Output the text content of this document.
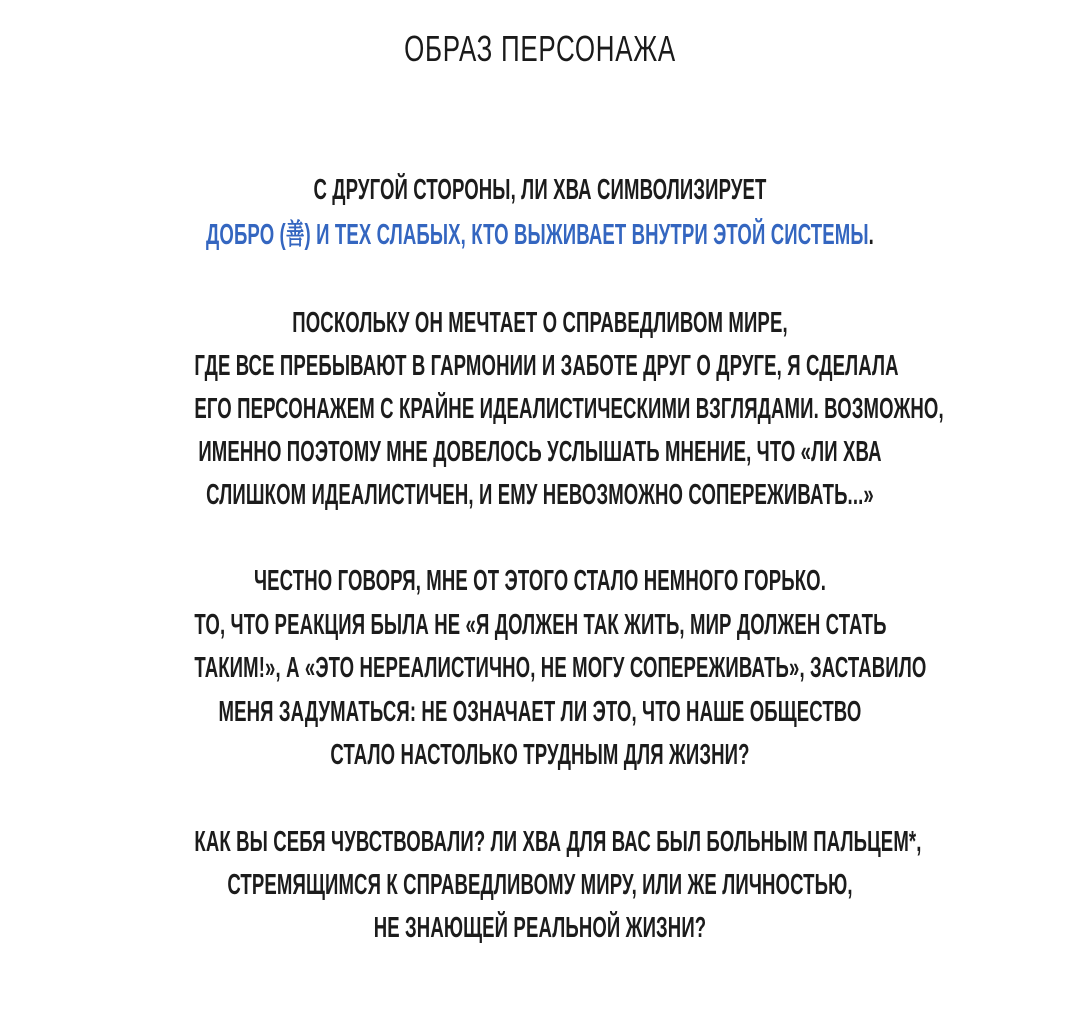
ОБРАЗ ПЕРСОНАЖА
С ДРУГОЙ СТОРОНЫ, ЛИ ХВА СИМВОЛИЗИРУЕТ
ДОБРО (善) И ТЕХ СЛАБЫХ, КТО ВЫЖИВАЕТ ВНУТРИ ЭТОЙ СИСТЕМЫ.
ПОСКОЛЬКУ ОН МЕЧТАЕТ О СПРАВЕДЛИВОМ МИРЕ,
ГДЕ ВСЕ ПРЕБЫВАЮТ В ГАРМОНИИ И ЗАБОТЕ ДРУГ О ДРУГЕ, Я СДЕЛАЛА
ЕГО ПЕРСОНАЖЕМ С КРАЙНЕ ИДЕАЛИСТИЧЕСКИМИ ВЗГЛЯДАМИ. ВОЗМОЖНО,
ИМЕННО ПОЭТОМУ МНЕ ДОВЕЛОСЬ УСЛЫШАТЬ МНЕНИЕ, ЧТО «ЛИ ХВА
СЛИШКОМ ИДЕАЛИСТИЧЕН, И ЕМУ НЕВОЗМОЖНО СОПЕРЕЖИВАТЬ...»
ЧЕСТНО ГОВОРЯ, МНЕ ОТ ЭТОГО СТАЛО НЕМНОГО ГОРЬКО.
ТО, ЧТО РЕАКЦИЯ БЫЛА НЕ «Я ДОЛЖЕН ТАК ЖИТЬ, МИР ДОЛЖЕН СТАТЬ
ТАКИМ!», А «ЭТО НЕРЕАЛИСТИЧНО, НЕ МОГУ СОПЕРЕЖИВАТЬ», ЗАСТАВИЛО
МЕНЯ ЗАДУМАТЬСЯ: НЕ ОЗНАЧАЕТ ЛИ ЭТО, ЧТО НАШЕ ОБЩЕСТВО
СТАЛО НАСТОЛЬКО ТРУДНЫМ ДЛЯ ЖИЗНИ?
КАК ВЫ СЕБЯ ЧУВСТВОВАЛИ? ЛИ ХВА ДЛЯ ВАС БЫЛ БОЛЬНЫМ ПАЛЬЦЕМ*,
СТРЕМЯЩИМСЯ К СПРАВЕДЛИВОМУ МИРУ, ИЛИ ЖЕ ЛИЧНОСТЬЮ,
НЕ ЗНАЮЩЕЙ РЕАЛЬНОЙ ЖИЗНИ?
